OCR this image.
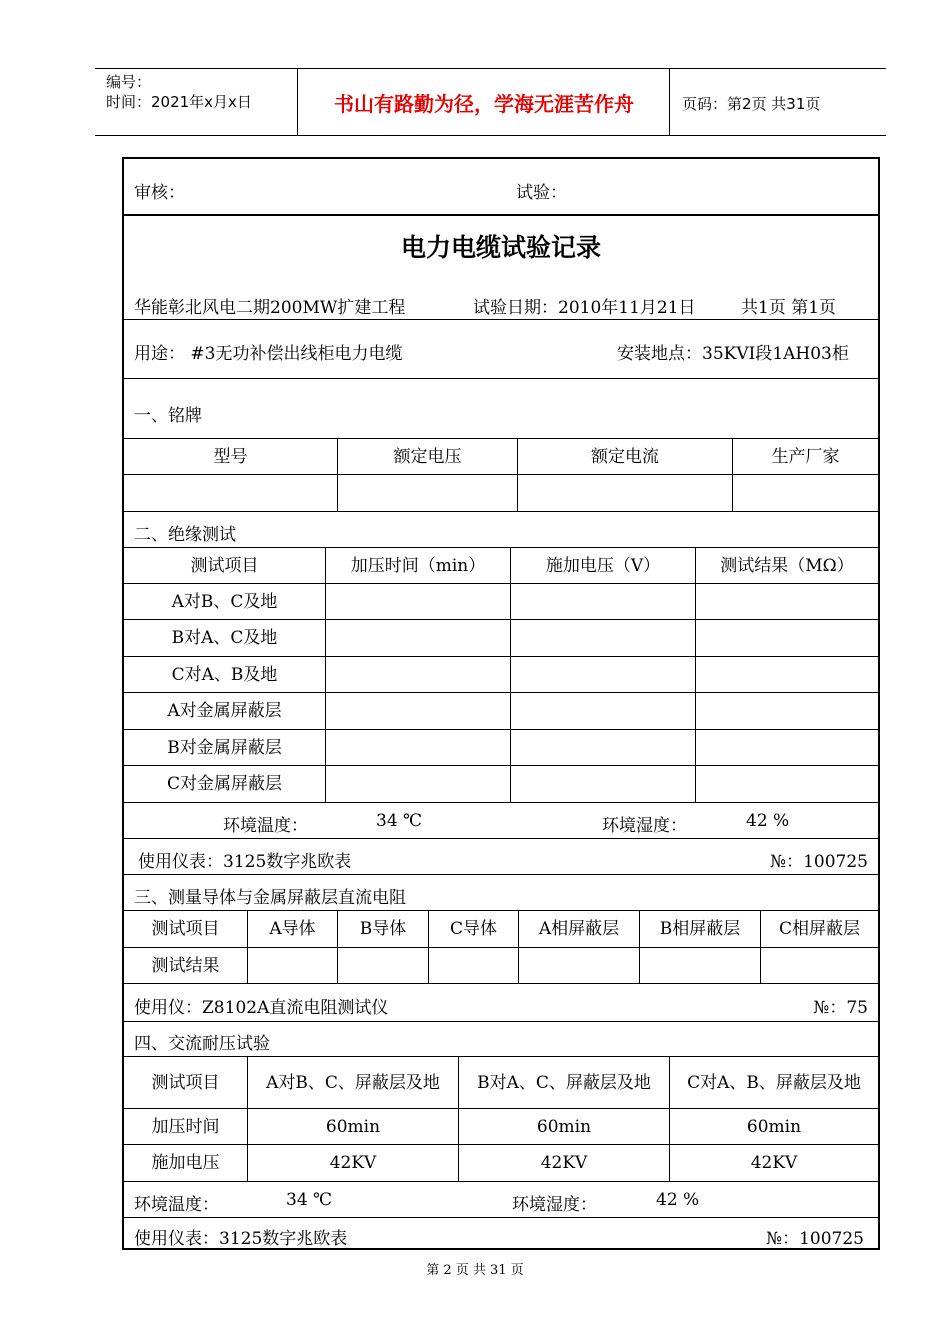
编号：
时间：2021年x月x日	书山有路勤为径，学海无涯苦作舟	页码：第2页 共31页
审核：	试验：
电力电缆试验记录
华能彰北风电二期200MW扩建工程	试验日期：2010年11月21日	共1页 第1页
用途： #3无功补偿出线柜电力电缆	安装地点：35KVI段1AH03柜
一、铭牌
型号	额定电压	额定电流	生产厂家
二、绝缘测试
测试项目	加压时间（min）	施加电压（V）	测试结果（MΩ）
A对B、C及地
B对A、C及地
C对A、B及地
A对金属屏蔽层
B对金属屏蔽层
C对金属屏蔽层
环境温度：	34 ℃	环境湿度：	42 %
使用仪表：3125数字兆欧表	№：100725
三、测量导体与金属屏蔽层直流电阻
测试项目	A导体	B导体	C导体	A相屏蔽层	B相屏蔽层	C相屏蔽层
测试结果
使用仪：Z8102A直流电阻测试仪	№：75
四、交流耐压试验
测试项目	A对B、C、屏蔽层及地	B对A、C、屏蔽层及地	C对A、B、屏蔽层及地
加压时间	60min	60min	60min
施加电压	42KV	42KV	42KV
环境温度：	34 ℃	环境湿度：	42 %
使用仪表：3125数字兆欧表	№：100725
第 2 页 共 31 页
